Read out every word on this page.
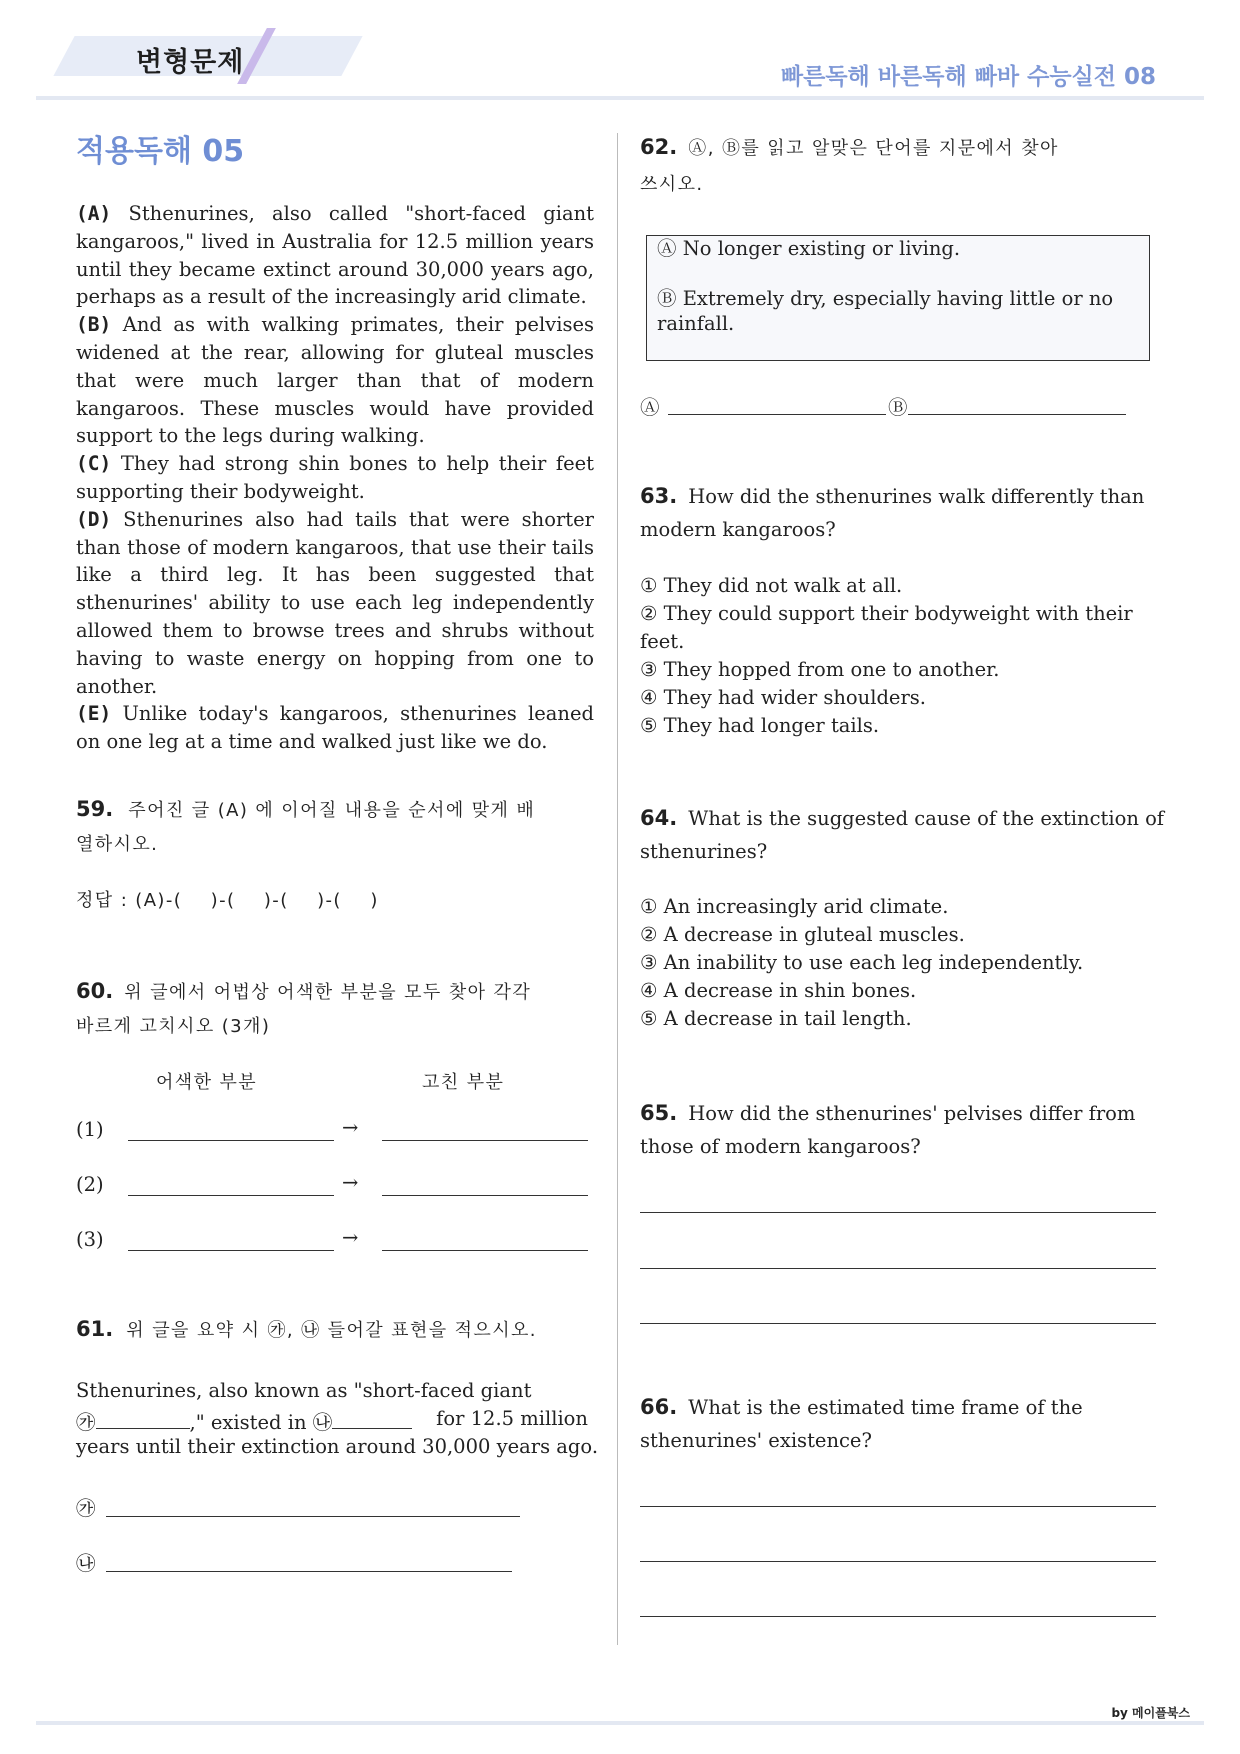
변형문제	빠른독해 바른독해 빠바 수능실전 08
적용독해 05

(A) Sthenurines, also called "short-faced giant kangaroos," lived in Australia for 12.5 million years until they became extinct around 30,000 years ago, perhaps as a result of the increasingly arid climate.

(B) And as with walking primates, their pelvises widened at the rear, allowing for gluteal muscles that were much larger than that of modern kangaroos. These muscles would have provided support to the legs during walking.

(C) They had strong shin bones to help their feet supporting their bodyweight.

(D) Sthenurines also had tails that were shorter than those of modern kangaroos, that use their tails like a third leg. It has been suggested that sthenurines' ability to use each leg independently allowed them to browse trees and shrubs without having to waste energy on hopping from one to another.

(E) Unlike today's kangaroos, sthenurines leaned on one leg at a time and walked just like we do.

59. 주어진 글 (A) 에 이어질 내용을 순서에 맞게 배
열하시오.
정답 : (A)-(    )-(    )-(    )-(    )
60. 위 글에서 어법상 어색한 부분을 모두 찾아 각각
바르게 고치시오 (3개)
어색한 부분	고친 부분
(1)	→
(2)	→
(3)	→
61. 위 글을 요약 시 ㉮, ㉯ 들어갈 표현을 적으시오.
Sthenurines, also known as "short-faced giant
㉮	," existed in ㉯	for 12.5 million
years until their extinction around 30,000 years ago.
㉮
㉯
62. Ⓐ, Ⓑ를 읽고 알맞은 단어를 지문에서 찾아
쓰시오.
Ⓐ No longer existing or living.
Ⓑ Extremely dry, especially having little or no rainfall.
Ⓐ	Ⓑ
63. How did the sthenurines walk differently than
modern kangaroos?
① They did not walk at all.
② They could support their bodyweight with their
feet.
③ They hopped from one to another.
④ They had wider shoulders.
⑤ They had longer tails.
64. What is the suggested cause of the extinction of
sthenurines?
① An increasingly arid climate.
② A decrease in gluteal muscles.
③ An inability to use each leg independently.
④ A decrease in shin bones.
⑤ A decrease in tail length.
65. How did the sthenurines' pelvises differ from
those of modern kangaroos?
66. What is the estimated time frame of the
sthenurines' existence?
by 메이플북스
